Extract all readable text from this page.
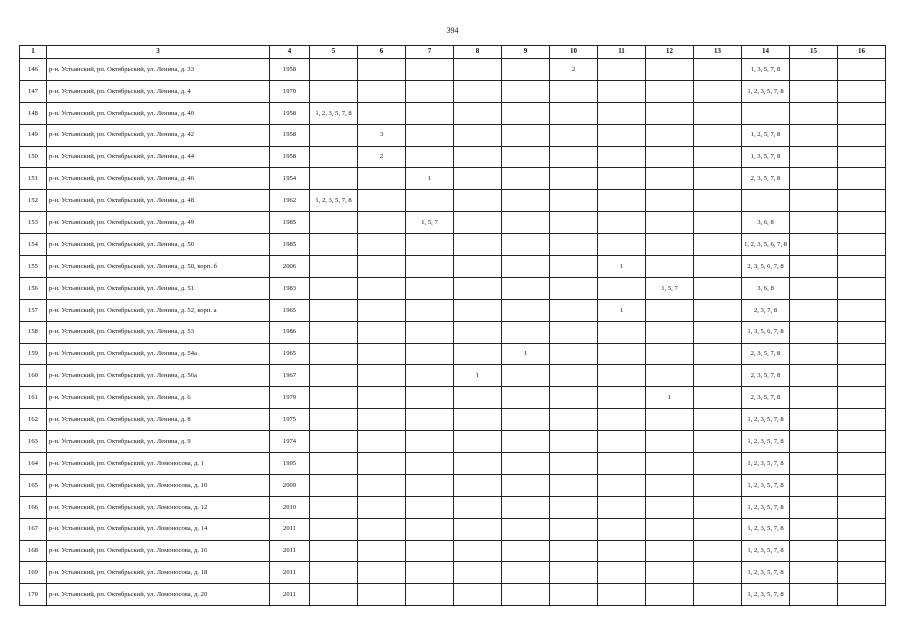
394
1	3	4	5	6	7	8	9	10	11	12	13	14	15	16
146	р-н. Устьянский, рп. Октябрьский, ул. Ленина, д. 33	1958						2				1, 3, 5, 7, 8		
147	р-н. Устьянский, рп. Октябрьский, ул. Ленина, д. 4	1970										1, 2, 3, 5, 7, 8		
148	р-н. Устьянский, рп. Октябрьский, ул. Ленина, д. 40	1958	1, 2, 3, 5, 7, 8											
149	р-н. Устьянский, рп. Октябрьский, ул. Ленина, д. 42	1958		3								1, 2, 5, 7, 8		
150	р-н. Устьянский, рп. Октябрьский, ул. Ленина, д. 44	1958		2								1, 3, 5, 7, 8		
151	р-н. Устьянский, рп. Октябрьский, ул. Ленина, д. 46	1954			1							2, 3, 5, 7, 8		
152	р-н. Устьянский, рп. Октябрьский, ул. Ленина, д. 48	1962	1, 2, 3, 5, 7, 8											
153	р-н. Устьянский, рп. Октябрьский, ул. Ленина, д. 49	1985			1, 5, 7							3, 6, 8		
154	р-н. Устьянский, рп. Октябрьский, ул. Ленина, д. 50	1985										1, 2, 3, 5, 6, 7, 8		
155	р-н. Устьянский, рп. Октябрьский, ул. Ленина, д. 50, корп. б	2006							1			2, 3, 5, 6, 7, 8		
156	р-н. Устьянский, рп. Октябрьский, ул. Ленина, д. 51	1983								1, 5, 7		3, 6, 8		
157	р-н. Устьянский, рп. Октябрьский, ул. Ленина, д. 52, корп. а	1965							1			2, 3, 7, 8		
158	р-н. Устьянский, рп. Октябрьский, ул. Ленина, д. 53	1986										1, 3, 5, 6, 7, 8		
159	р-н. Устьянский, рп. Октябрьский, ул. Ленина, д. 54а	1965					1					2, 3, 5, 7, 8		
160	р-н. Устьянский, рп. Октябрьский, ул. Ленина, д. 56а	1967				1						2, 3, 5, 7, 8		
161	р-н. Устьянский, рп. Октябрьский, ул. Ленина, д. 6	1979								1		2, 3, 5, 7, 8		
162	р-н. Устьянский, рп. Октябрьский, ул. Ленина, д. 8	1975										1, 2, 3, 5, 7, 8		
163	р-н. Устьянский, рп. Октябрьский, ул. Ленина, д. 9	1974										1, 2, 3, 5, 7, 8		
164	р-н. Устьянский, рп. Октябрьский, ул. Ломоносова, д. 1	1995										1, 2, 3, 5, 7, 8		
165	р-н. Устьянский, рп. Октябрьский, ул. Ломоносова, д. 10	2009										1, 2, 3, 5, 7, 8		
166	р-н. Устьянский, рп. Октябрьский, ул. Ломоносова, д. 12	2010										1, 2, 3, 5, 7, 8		
167	р-н. Устьянский, рп. Октябрьский, ул. Ломоносова, д. 14	2011										1, 2, 3, 5, 7, 8		
168	р-н. Устьянский, рп. Октябрьский, ул. Ломоносова, д. 16	2011										1, 2, 3, 5, 7, 8		
169	р-н. Устьянский, рп. Октябрьский, ул. Ломоносова, д. 18	2011										1, 2, 3, 5, 7, 8		
170	р-н. Устьянский, рп. Октябрьский, ул. Ломоносова, д. 20	2011										1, 2, 3, 5, 7, 8		
